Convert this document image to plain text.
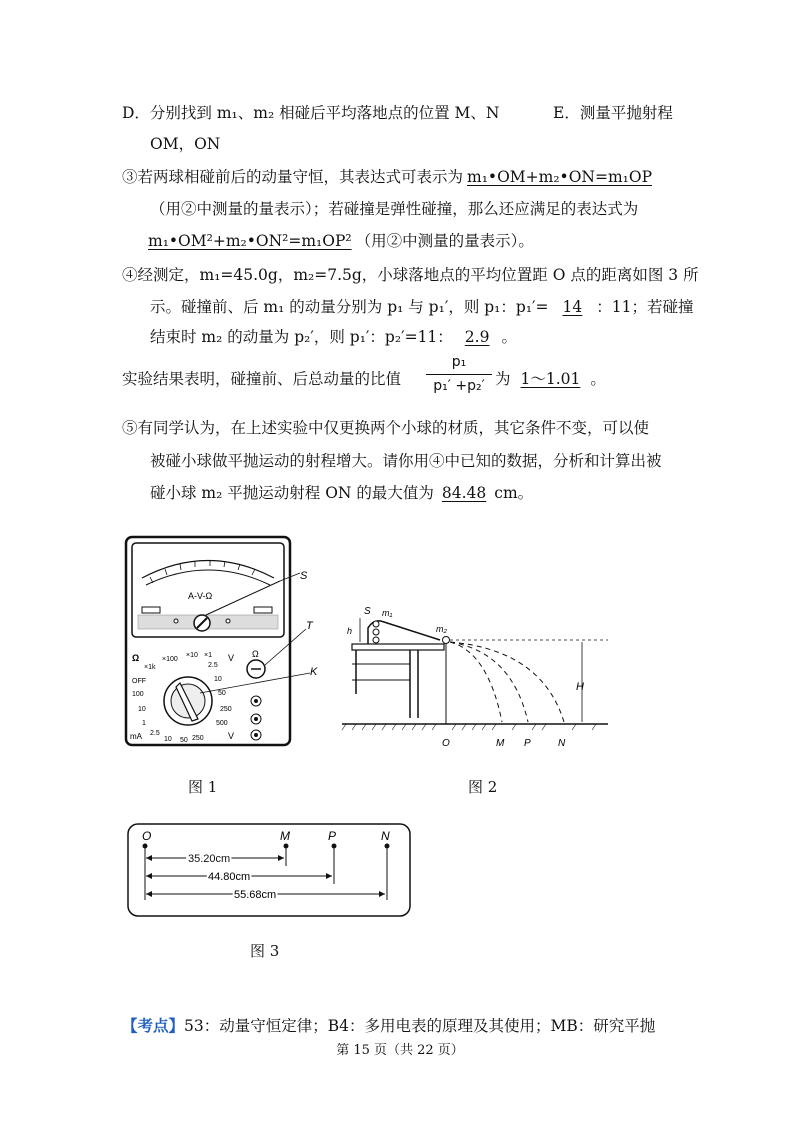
D．分别找到 m₁、m₂ 相碰后平均落地点的位置 M、N	E．测量平抛射程
OM，ON
③若两球相碰前后的动量守恒，其表达式可表示为 m₁•OM+m₂•ON=m₁OP
（用②中测量的量表示）；若碰撞是弹性碰撞，那么还应满足的表达式为
m₁•OM²+m₂•ON²=m₁OP² （用②中测量的量表示）。
④经测定，m₁=45.0g，m₂=7.5g，小球落地点的平均位置距 O 点的距离如图 3 所
示。碰撞前、后 m₁ 的动量分别为 p₁ 与 p₁′，则 p₁：p₁′= 14 ：11；若碰撞
结束时 m₂ 的动量为 p₂′，则 p₁′：p₂′=11： 2.9 。
实验结果表明，碰撞前、后总动量的比值
p₁
p₁′ +p₂′ 为 1～1.01 。
⑤有同学认为，在上述实验中仅更换两个小球的材质，其它条件不变，可以使
被碰小球做平抛运动的射程增大。请你用④中已知的数据，分析和计算出被
碰小球 m₂ 平抛运动射程 ON 的最大值为 84.48 cm。
A-V-Ω
Ω
×1k
×100
×10 ×1 V
OFF
100
10
1
2.5
10
50
250
500
mA 2.5
10 50 250	V
Ω
S
T
K
图 1
S m₁
h	m₂
H
O	M P	N
图 2
O	M	P	N
35.20cm
44.80cm
55.68cm
图 3
【考点】53：动量守恒定律；B4：多用电表的原理及其使用；MB：研究平抛
第 15 页（共 22 页）
